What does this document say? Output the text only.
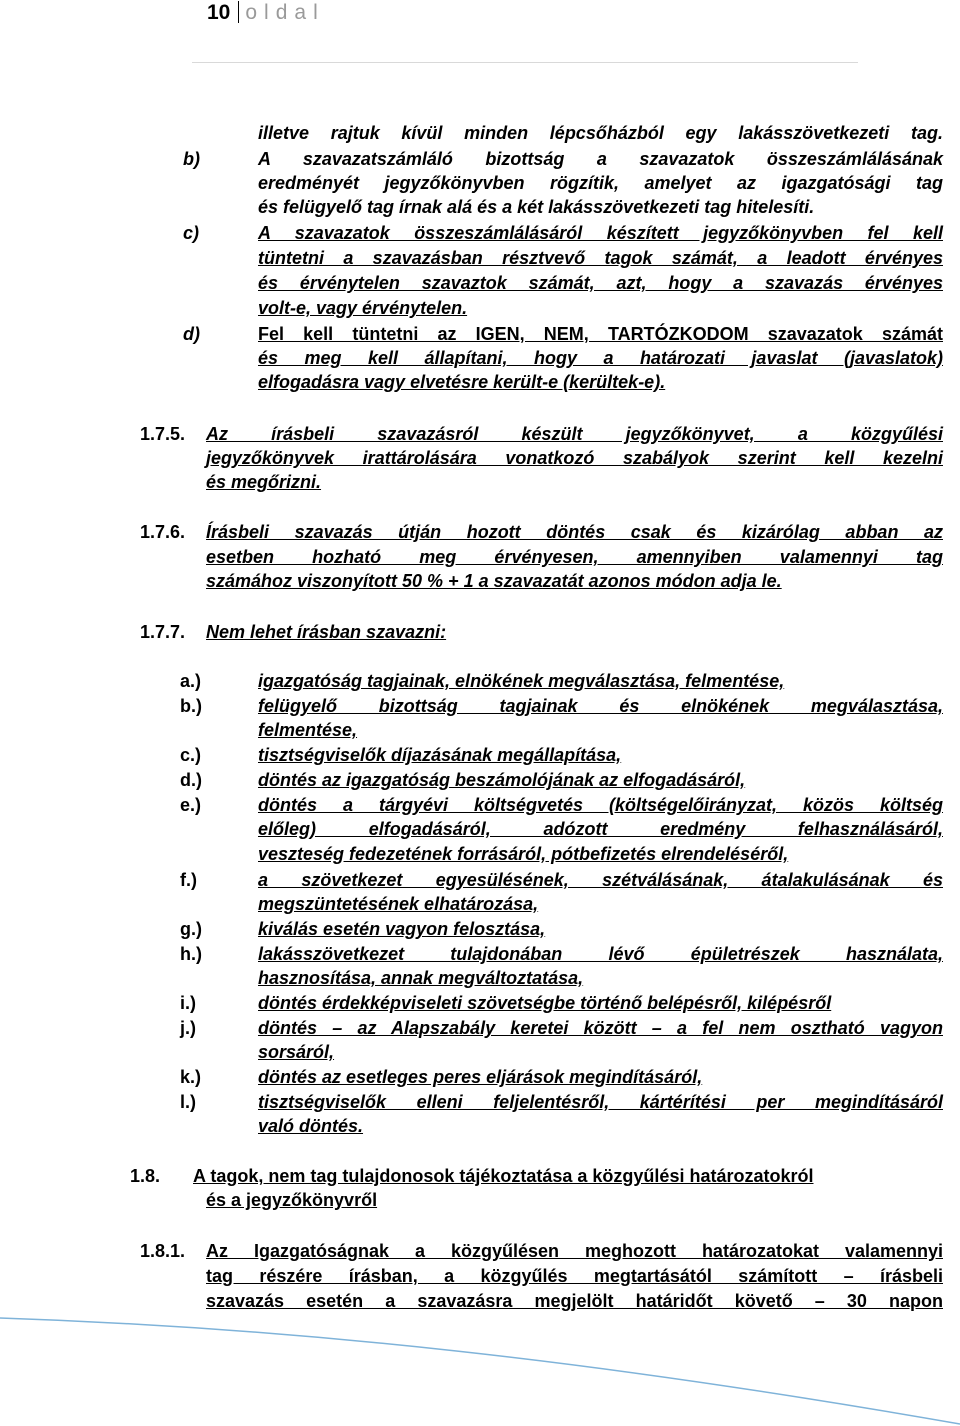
10 oldal
illetve rajtuk kívül minden lépcsőházból egy lakásszövetkezeti tag.
b)	A szavazatszámláló bizottság a szavazatok összeszámlálásának
eredményét jegyzőkönyvben rögzítik, amelyet az igazgatósági tag
és felügyelő tag írnak alá és a két lakásszövetkezeti tag hitelesíti.
c)	A szavazatok összeszámlálásáról készített jegyzőkönyvben fel kell
tüntetni a szavazásban résztvevő tagok számát, a leadott érvényes
és érvénytelen szavaztok számát, azt, hogy a szavazás érvényes
volt-e, vagy érvénytelen.
d)	Fel kell tüntetni az IGEN, NEM, TARTÓZKODOM szavazatok számát
és meg kell állapítani, hogy a határozati javaslat (javaslatok)
elfogadásra vagy elvetésre került-e (kerültek-e).
1.7.5. Az írásbeli szavazásról készült jegyzőkönyvet, a közgyűlési
jegyzőkönyvek irattárolására vonatkozó szabályok szerint kell kezelni
és megőrizni.
1.7.6. Írásbeli szavazás útján hozott döntés csak és kizárólag abban az
esetben hozható meg érvényesen, amennyiben valamennyi tag
számához viszonyított 50 % + 1 a szavazatát azonos módon adja le.
1.7.7. Nem lehet írásban szavazni:
a.)	igazgatóság tagjainak, elnökének megválasztása, felmentése,
b.)	felügyelő bizottság tagjainak és elnökének megválasztása,
felmentése,
c.)	tisztségviselők díjazásának megállapítása,
d.)	döntés az igazgatóság beszámolójának az elfogadásáról,
e.)	döntés a tárgyévi költségvetés (költségelőirányzat, közös költség
előleg) elfogadásáról, adózott eredmény felhasználásáról,
veszteség fedezetének forrásáról, pótbefizetés elrendeléséről,
f.)	a szövetkezet egyesülésének, szétválásának, átalakulásának és
megszüntetésének elhatározása,
g.)	kiválás esetén vagyon felosztása,
h.)	lakásszövetkezet tulajdonában lévő épületrészek használata,
hasznosítása, annak megváltoztatása,
i.)	döntés érdekképviseleti szövetségbe történő belépésről, kilépésről
j.)	döntés – az Alapszabály keretei között – a fel nem osztható vagyon
sorsáról,
k.)	döntés az esetleges peres eljárások megindításáról,
l.)	tisztségviselők elleni feljelentésről, kártérítési per megindításáról
való döntés.
1.8. A tagok, nem tag tulajdonosok tájékoztatása a közgyűlési határozatokról
és a jegyzőkönyvről
1.8.1. Az Igazgatóságnak a közgyűlésen meghozott határozatokat valamennyi
tag részére írásban, a közgyűlés megtartásától számított – írásbeli
szavazás esetén a szavazásra megjelölt határidőt követő – 30 napon
